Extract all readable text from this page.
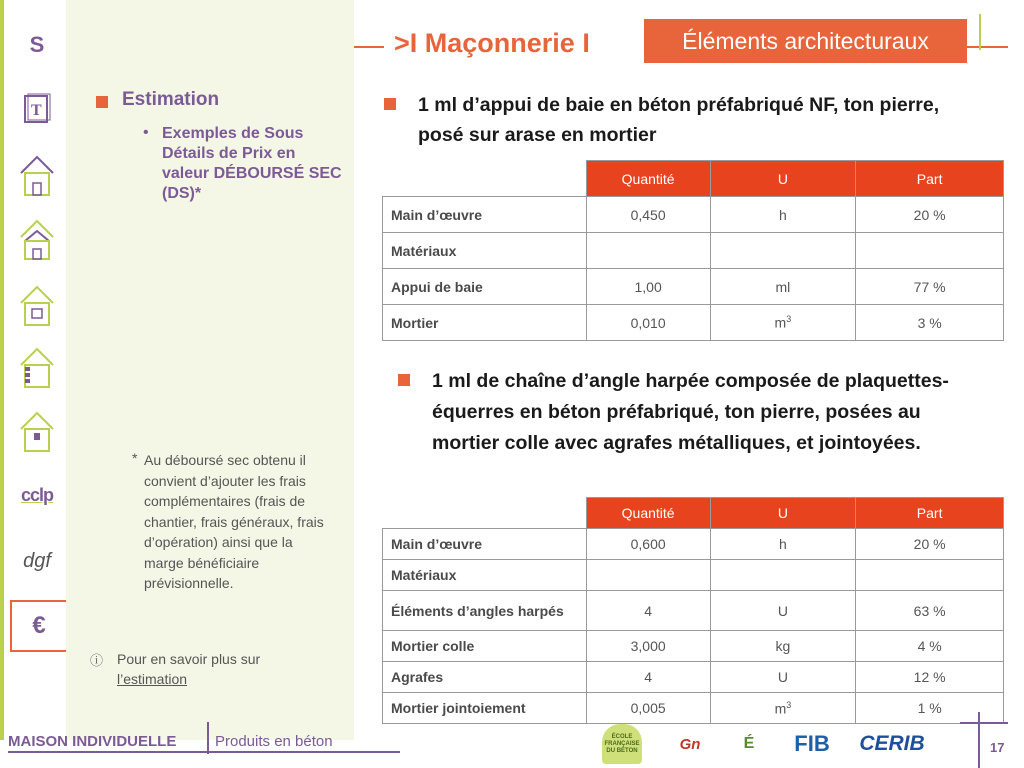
S
T
cclp
dgf
€
Estimation
• Exemples de Sous Détails de Prix en valeur DÉBOURSÉ SEC (DS)*
* Au déboursé sec obtenu il convient d’ajouter les frais complémentaires (frais de chantier, frais généraux, frais d’opération) ainsi que la marge bénéficiaire prévisionnelle.
ⓘ Pour en savoir plus sur
l’estimation
>I Maçonnerie I	Éléments architecturaux
1 ml d’appui de baie en béton préfabriqué NF, ton pierre, posé sur arase en mortier
	Quantité	U	Part
Main d’œuvre	0,450	h	20 %
Matériaux			
Appui de baie	1,00	ml	77 %
Mortier	0,010	$m^3$	3 %
1 ml de chaîne d’angle harpée composée de plaquettes-équerres en béton préfabriqué, ton pierre, posées au mortier colle avec agrafes métalliques, et jointoyées.
	Quantité	U	Part
Main d’œuvre	0,600	h	20 %
Matériaux			
Éléments d’angles harpés	4	U	63 %
Mortier colle	3,000	kg	4 %
Agrafes	4	U	12 %
Mortier jointoiement	0,005	$m^3$	1 %
MAISON INDIVIDUELLE	Produits en béton	ÉCOLE FRANÇAISE DU BÉTON	Gn	É	FIB	CERIB	17
